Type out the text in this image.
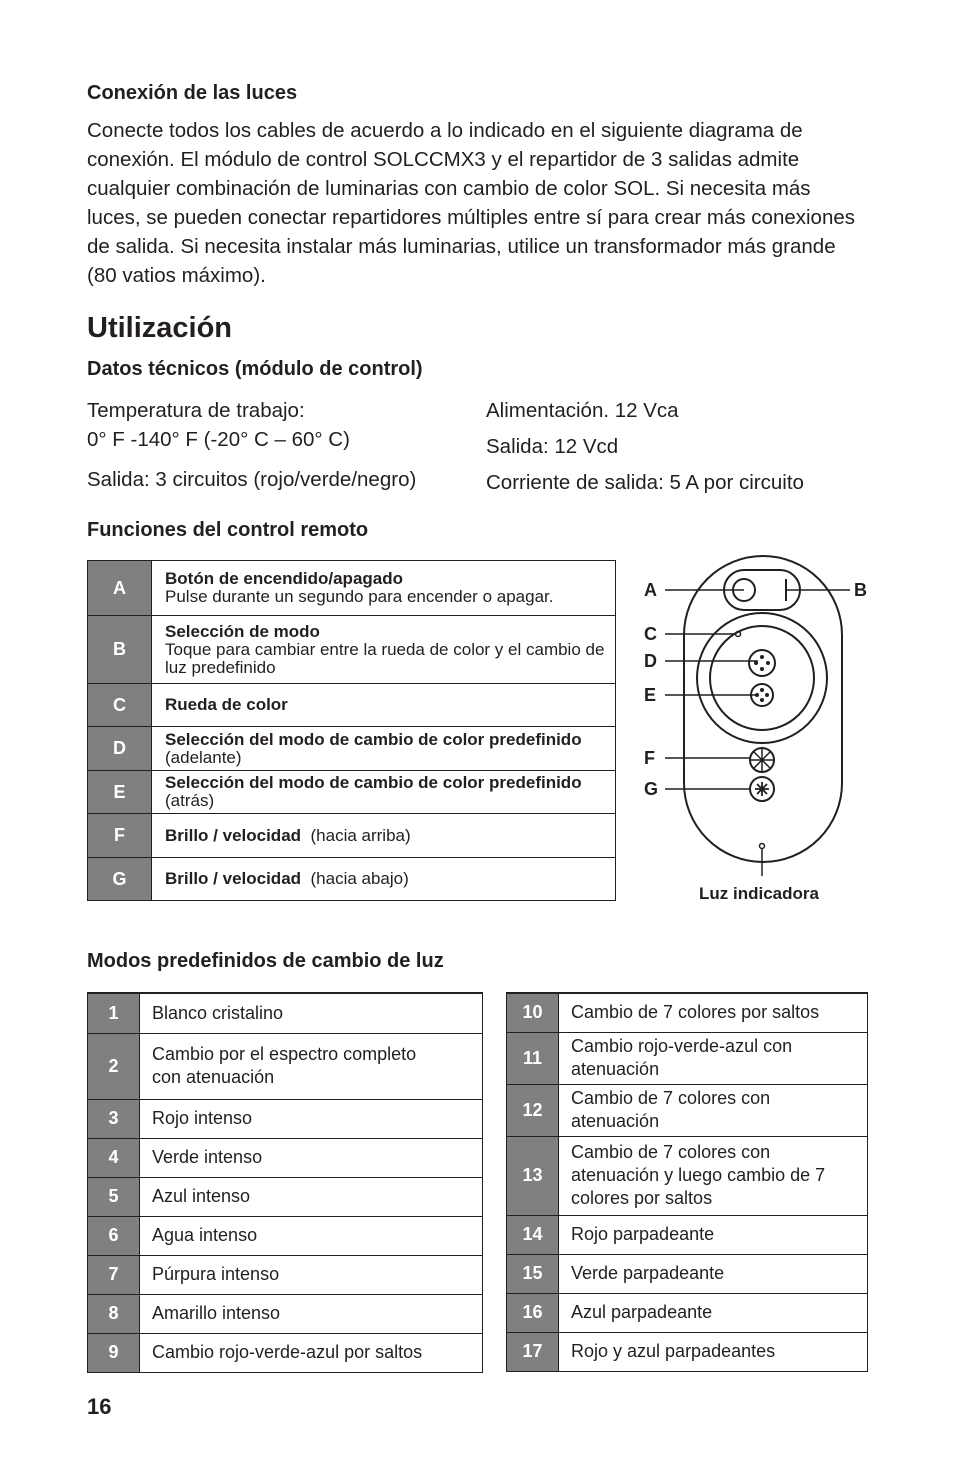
Conexión de las luces
Conecte todos los cables de acuerdo a lo indicado en el siguiente diagrama de
conexión. El módulo de control SOLCCMX3 y el repartidor de 3 salidas admite
cualquier combinación de luminarias con cambio de color SOL. Si necesita más
luces, se pueden conectar repartidores múltiples entre sí para crear más conexiones
de salida. Si necesita instalar más luminarias, utilice un transformador más grande
(80 vatios máximo).
Utilización
Datos técnicos (módulo de control)
Temperatura de trabajo:
0° F -140° F (-20° C – 60° C)
Salida: 3 circuitos (rojo/verde/negro)
Alimentación. 12 Vca
Salida: 12 Vcd
Corriente de salida: 5 A por circuito
Funciones del control remoto
A	Botón de encendido/apagado
Pulse durante un segundo para encender o apagar.
B	Selección de modo
Toque para cambiar entre la rueda de color y el cambio de luz predefinido
C	Rueda de color
D	Selección del modo de cambio de color predefinido  (adelante)
E	Selección del modo de cambio de color predefinido  (atrás)
F	Brillo / velocidad (hacia arriba)
G	Brillo / velocidad (hacia abajo)
A	B
C
D
E
F
G
Luz indicadora
Modos predefinidos de cambio de luz
1	Blanco cristalino
2	Cambio por el espectro completo con atenuación
3	Rojo intenso
4	Verde intenso
5	Azul intenso
6	Agua intenso
7	Púrpura intenso
8	Amarillo intenso
9	Cambio rojo-verde-azul por saltos
10	Cambio de 7 colores por saltos
11	Cambio rojo-verde-azul con atenuación
12	Cambio de 7 colores con atenuación
13	Cambio de 7 colores con atenuación y luego cambio de 7 colores por saltos
14	Rojo parpadeante
15	Verde parpadeante
16	Azul parpadeante
17	Rojo y azul parpadeantes
16
